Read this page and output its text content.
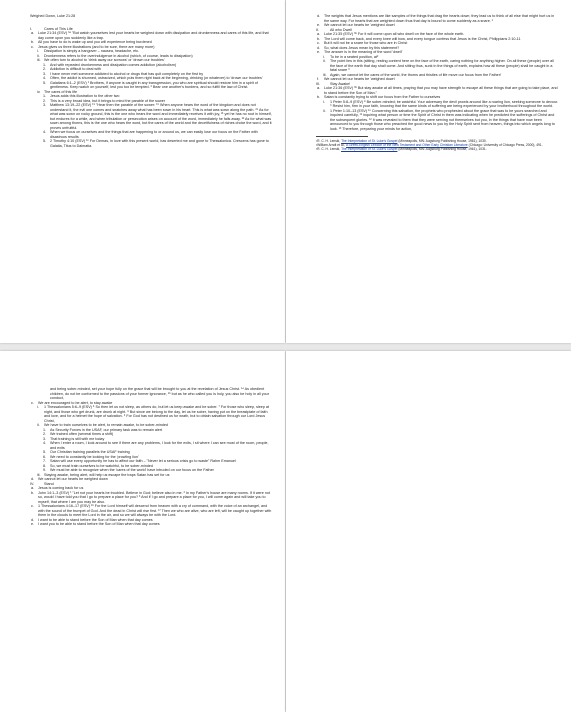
Weighed Down, Luke 21:28
I.	Cares of This Life
a. Luke 21:34 (ESV) ³⁴ "But watch yourselves lest your hearts be weighed down with dissipation and drunkenness and cares of this life, and that day come upon you suddenly like a trap.
b. All you have to do is wake up and you will experience being burdened
c. Jesus gives us three illustrations (and to be sure, there are many more)
i. Dissipation is simply a hangover – nausea, headache, etc.
ii. Drunkenness refers to the overindulgence in alcohol (which, of course, leads to dissipation)
iii. We often turn to alcohol to 'drink away our sorrows' or 'drown our troubles'
1. And with repeated drunkenness and dissipation comes addiction (alcoholism)
2. Addiction is difficult to deal with
3. I have never met someone addicted to alcohol or drugs that has quit completely on the first try
4. Often, the addict is shunned, ostracized, which puts them right back at the beginning, drinking (or whatever) to 'drown our troubles'
5. Galatians 6:1–2 (ESV) ¹ Brothers, if anyone is caught in any transgression, you who are spiritual should restore him in a spirit of gentleness. Keep watch on yourself, lest you too be tempted. ² Bear one another's burdens, and so fulfill the law of Christ.
iv. The cares of this life
1. Jesus adds this illustration to the other two
2. This is a very broad idea, but it brings to mind the parable of the sower
3. Matthew 13:19–22 (ESV) ¹⁹ "Hear then the parable of the sower: ¹⁹ When anyone hears the word of the kingdom and does not understand it, the evil one comes and snatches away what has been sown in his heart. This is what was sown along the path. ²⁰ As for what was sown on rocky ground, this is the one who hears the word and immediately receives it with joy, ²¹ yet he has no root in himself, but endures for a while, and when tribulation or persecution arises on account of the word, immediately he falls away. ²² As for what was sown among thorns, this is the one who hears the word, but the cares of the world and the deceitfulness of riches choke the word, and it proves unfruitful.
4. When we focus on ourselves and the things that are happening to or around us, we can easily lose our focus on the Father with disastrous results
5. 2 Timothy 4:10 (ESV) ¹⁰ For Demas, in love with this present world, has deserted me and gone to Thessalonica. Crescens has gone to Galatia, Titus to Dalmatia.
d. The weights that Jesus mentions are like samples of the things that drag the hearts down; they lead us to think of all else that might hurt us in the same way. For hearts that are weighted down thus that day is bound to come suddenly as a snare. ¹
e. We cannot let our hearts be 'weighed down'
II.	All who Dwell
a. Luke 21:35 (ESV) ³⁵ For it will come upon all who dwell on the face of the whole earth.
b. The Lord will come back, and every knee will bow, and every tongue confess that Jesus is the Christ, Philippians 2:10-11
c. But it will not be a snare for those who are in Christ
d. So, what does Jesus mean by this statement?
e. The answer is in the meaning of the word 'dwell'
i. To be in a seated position, at²
ii. The point lies in this (sitting, resting content here on the face of the earth, caring nothing for anything higher. On all these (people) over all the face of the earth that day shall come. And sitting thus, sunk in the things of earth, explains how all these (people) shall be caught in a fatal snare ³
iii. Again, we cannot let the cares of the world, the thorns and thistles of life move our focus from the Father!
f. We cannot let our hearts be 'weighed down'
III.	Stay Awake!
a. Luke 21:36 (ESV) ³⁶ But stay awake at all times, praying that you may have strength to escape all these things that are going to take place, and to stand before the Son of Man."
b. Satan is constantly trying to shift our focus from the Father to ourselves
i. 1 Peter 5:8–9 (ESV) ⁸ Be sober-minded; be watchful. Your adversary the devil prowls around like a roaring lion, seeking someone to devour. ⁹ Resist him, firm in your faith, knowing that the same kinds of suffering are being experienced by your brotherhood throughout the world.
ii. 1 Peter 1:10–13 (ESV) ¹⁰ Concerning this salvation, the prophets who prophesied about the grace that was to be yours searched and inquired carefully, ¹¹ inquiring what person or time the Spirit of Christ in them was indicating when he predicted the sufferings of Christ and the subsequent glories. ¹² It was revealed to them that they were serving not themselves but you, in the things that have now been announced to you through those who preached the good news to you by the Holy Spirit sent from heaven, things into which angels long to look. ¹³ Therefore, preparing your minds for action,
¹R. C. H. Lenski, The Interpretation of St. Luke's Gospel (Minneapolis, MN: Augsburg Publishing House, 1961), 1030.
²William Arndt et al., A Greek-English Lexicon of the New Testament and Other Early Christian Literature (Chicago: University of Chicago Press, 2000), 491.
³R. C. H. Lenski, The Interpretation of St. Luke's Gospel (Minneapolis, MN: Augsburg Publishing House, 1961), 1031.
and being sober-minded, set your hope fully on the grace that will be brought to you at the revelation of Jesus Christ. ¹⁴ As obedient children, do not be conformed to the passions of your former ignorance, ¹⁵ but as he who called you is holy, you also be holy in all your conduct,
c. We are encouraged to be alert, to stay awake
i. 1 Thessalonians 5:6–9 (ESV) ⁶ So then let us not sleep, as others do, but let us keep awake and be sober. ⁷ For those who sleep, sleep at night, and those who get drunk, are drunk at night. ⁸ But since we belong to the day, let us be sober, having put on the breastplate of faith and love, and for a helmet the hope of salvation. ⁹ For God has not destined us for wrath, but to obtain salvation through our Lord Jesus Christ,
ii. We have to train ourselves to be alert, to remain awake, to be sober-minded
1. As Security Forces in the USAF, our primary task was to remain alert
2. We trained often (several times a shift)
3. That training is still with me today
4. When I enter a room, I look around to see if there are any problems, I look for the exits, I sit where I can see most of the room, people, and exits
5. Our Christian training parallels the USAF training
6. We need to constantly be looking for the 'prowling lion'
7. Satan will use every opportunity he has to affect our faith – "Never let a serious crisis go to waste" Rahm Emanuel
8. So, we must train ourselves to be watchful, to be sober-minded
9. We must be able to recognize when the 'cares of the world' have intruded on our focus on the Father
iii. Staying awake, being alert, will help us escape the traps Satan has set for us
d. We cannot let our hearts be weighed down
IV.	Stand
a. Jesus is coming back for us
b. John 14:1–3 (ESV) ¹ "Let not your hearts be troubled. Believe in God; believe also in me. ² In my Father's house are many rooms. If it were not so, would I have told you that I go to prepare a place for you? ³ And if I go and prepare a place for you, I will come again and will take you to myself, that where I am you may be also.
c. 1 Thessalonians 4:16–17 (ESV) ¹⁶ For the Lord himself will descend from heaven with a cry of command, with the voice of an archangel, and with the sound of the trumpet of God. And the dead in Christ will rise first. ¹⁷ Then we who are alive, who are left, will be caught up together with them in the clouds to meet the Lord in the air, and so we will always be with the Lord.
d. I want to be able to stand before the Son of Man when that day comes
e. I want you to be able to stand before the Son of Man when that day comes
